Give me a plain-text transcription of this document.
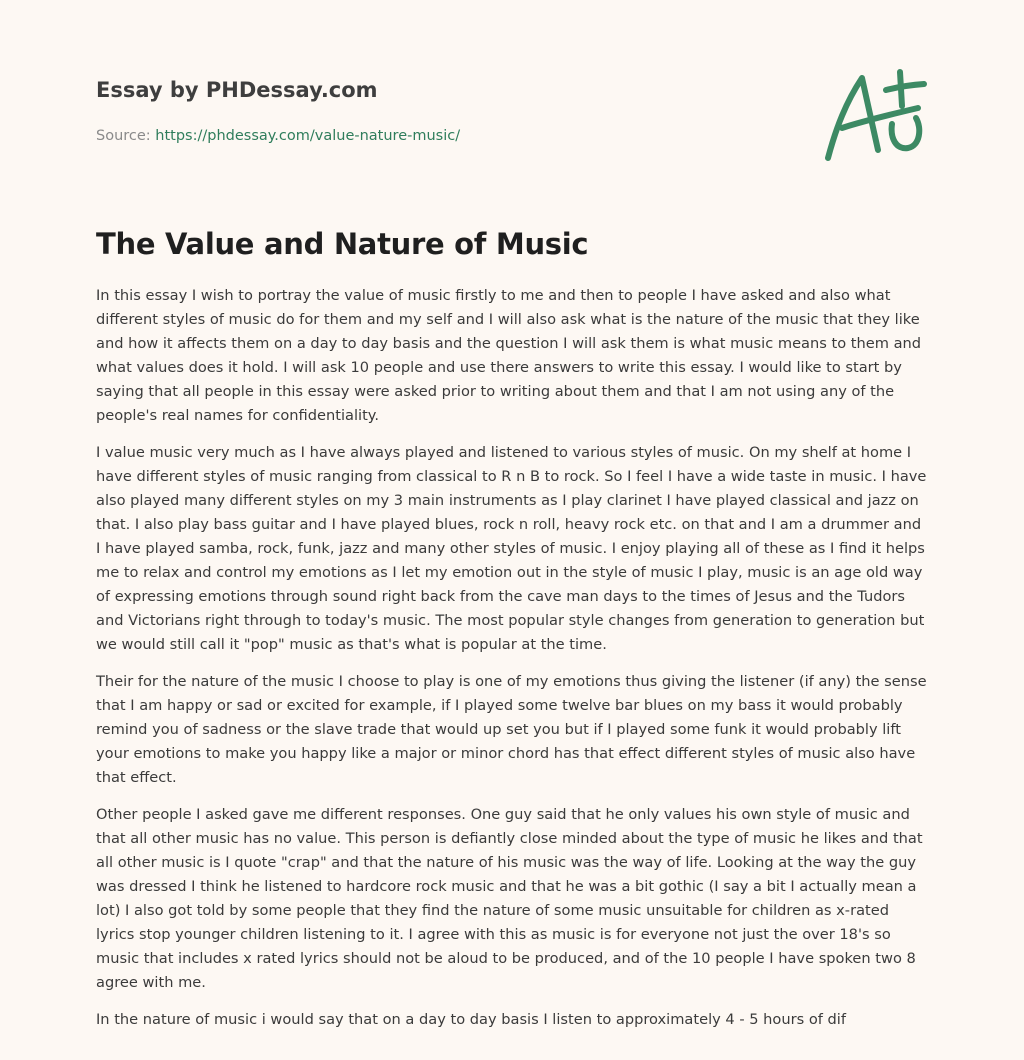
Essay by PHDessay.com
Source: https://phdessay.com/value-nature-music/
The Value and Nature of Music

In this essay I wish to portray the value of music firstly to me and then to people I have asked and also what different styles of music do for them and my self and I will also ask what is the nature of the music that they like and how it affects them on a day to day basis and the question I will ask them is what music means to them and what values does it hold. I will ask 10 people and use there answers to write this essay. I would like to start by saying that all people in this essay were asked prior to writing about them and that I am not using any of the people's real names for confidentiality.

I value music very much as I have always played and listened to various styles of music. On my shelf at home I have different styles of music ranging from classical to R n B to rock. So I feel I have a wide taste in music. I have also played many different styles on my 3 main instruments as I play clarinet I have played classical and jazz on that. I also play bass guitar and I have played blues, rock n roll, heavy rock etc. on that and I am a drummer and I have played samba, rock, funk, jazz and many other styles of music. I enjoy playing all of these as I find it helps me to relax and control my emotions as I let my emotion out in the style of music I play, music is an age old way of expressing emotions through sound right back from the cave man days to the times of Jesus and the Tudors and Victorians right through to today's music. The most popular style changes from generation to generation but we would still call it "pop" music as that's what is popular at the time.

Their for the nature of the music I choose to play is one of my emotions thus giving the listener (if any) the sense that I am happy or sad or excited for example, if I played some twelve bar blues on my bass it would probably remind you of sadness or the slave trade that would up set you but if I played some funk it would probably lift your emotions to make you happy like a major or minor chord has that effect different styles of music also have that effect.

Other people I asked gave me different responses. One guy said that he only values his own style of music and that all other music has no value. This person is defiantly close minded about the type of music he likes and that all other music is I quote "crap" and that the nature of his music was the way of life. Looking at the way the guy was dressed I think he listened to hardcore rock music and that he was a bit gothic (I say a bit I actually mean a lot) I also got told by some people that they find the nature of some music unsuitable for children as x-rated lyrics stop younger children listening to it. I agree with this as music is for everyone not just the over 18's so music that includes x rated lyrics should not be aloud to be produced, and of the 10 people I have spoken two 8 agree with me.

In the nature of music i would say that on a day to day basis I listen to approximately 4 - 5 hours of dif
